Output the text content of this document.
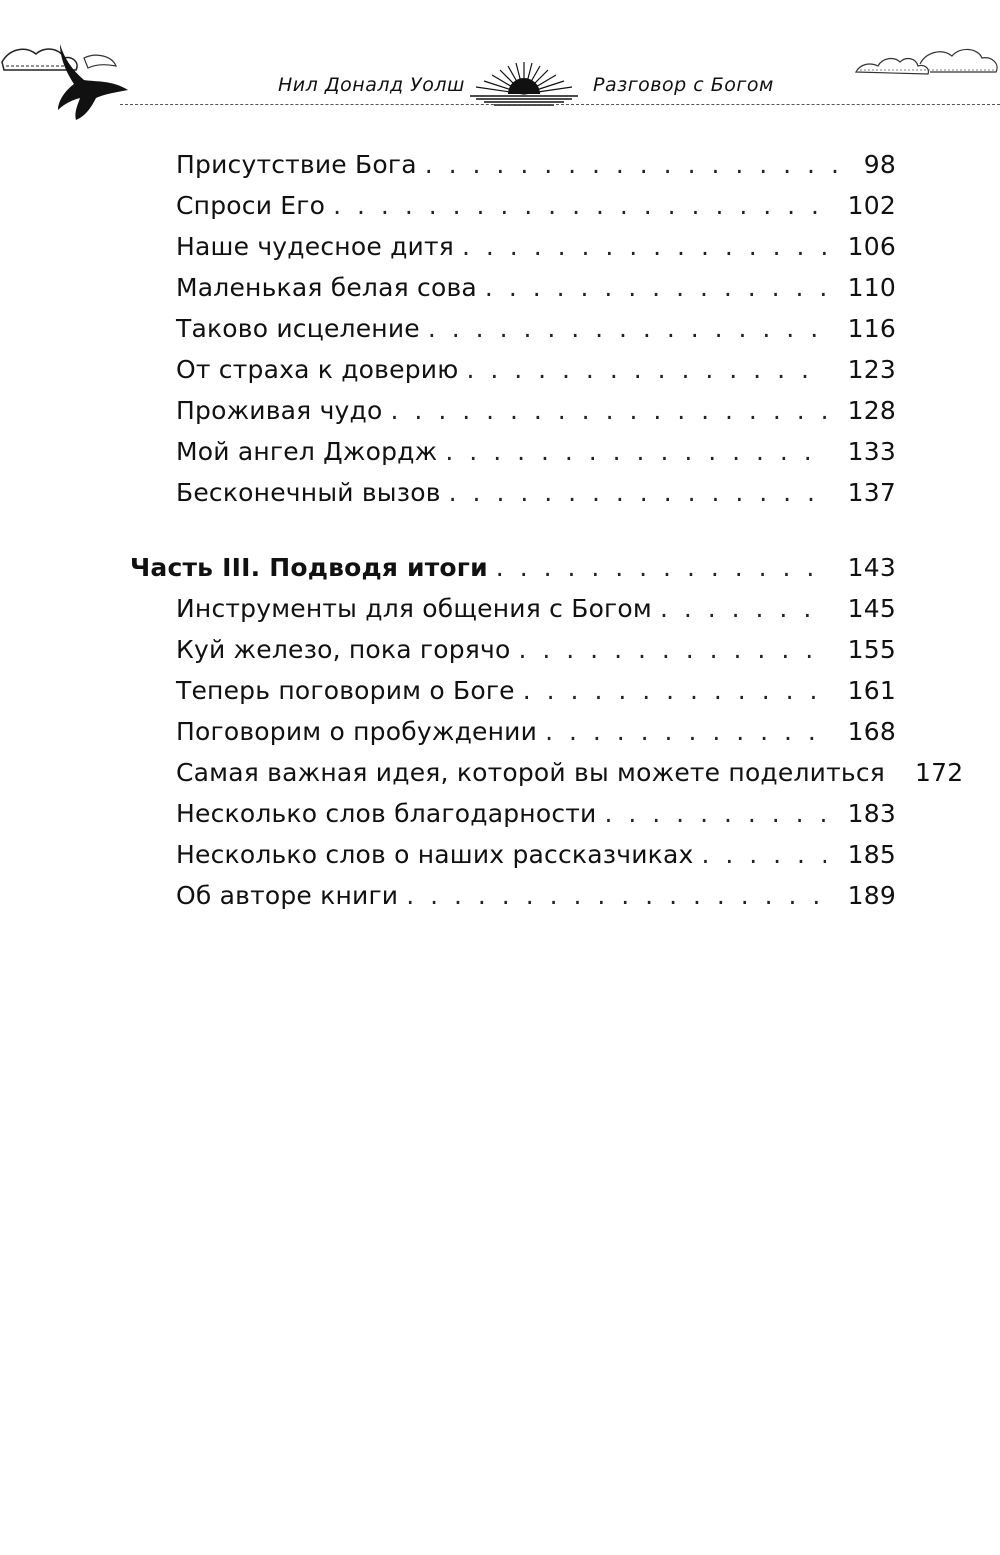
Нил Доналд Уолш	Разговор с Богом
Присутствие Бога . . .	98
Спроси Его . . .	102
Наше чудесное дитя . . .	106
Маленькая белая сова . . .	110
Таково исцеление . . .	116
От страха к доверию . . .	123
Проживая чудо . . .	128
Мой ангел Джордж . . .	133
Бесконечный вызов . . .	137
Часть III. Подводя итоги . . .	143
Инструменты для общения с Богом . . .	145
Куй железо, пока горячо . . .	155
Теперь поговорим о Боге . . .	161
Поговорим о пробуждении . . .	168
Самая важная идея, которой вы можете поделиться 172
Несколько слов благодарности . . .	183
Несколько слов о наших рассказчиках . . .	185
Об авторе книги . . .	189
